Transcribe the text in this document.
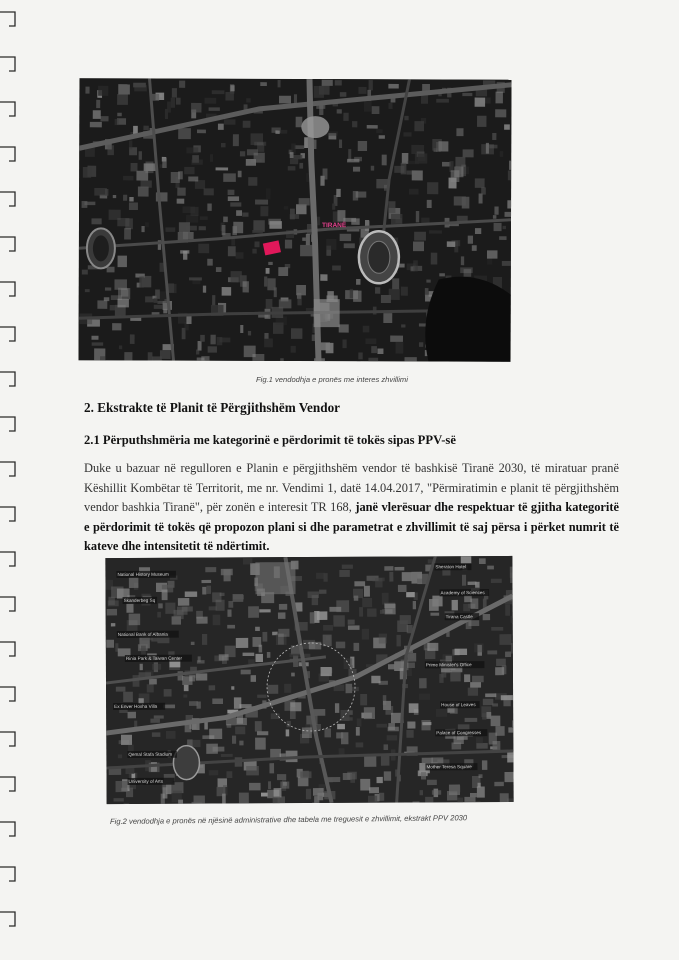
TIRANË
Fig.1 vendodhja e pronës me interes zhvillimi
2. Ekstrakte të Planit të Përgjithshëm Vendor
2.1 Përputhshmëria me kategorinë e përdorimit të tokës sipas PPV-së
Duke u bazuar në regulloren e Planin e përgjithshëm vendor të bashkisë Tiranë 2030, të miratuar pranë Këshillit Kombëtar të Territorit, me nr. Vendimi 1, datë 14.04.2017, "Përmiratimin e planit të përgjithshëm vendor bashkia Tiranë", për zonën e interesit TR 168, janë vlerësuar dhe respektuar të gjitha kategoritë e përdorimit të tokës që propozon plani si dhe parametrat e zhvillimit të saj përsa i përket numrit të kateve dhe intensitetit të ndërtimit.
National History Museum
Skanderbeg Sq
National Bank of Albania
Rinia Park & Taiwan Center
Ex Enver Hoxha Villa
Qemal Stafa Stadium
University of Arts
Sheraton Hotel
Academy of Sciences
Tirana Castle
Prime Minister's Office
House of Leaves
Palace of Congresses
Mother Teresa Square
Fig.2 vendodhja e pronës në njësinë administrative dhe tabela me treguesit e zhvillimit, ekstrakt PPV 2030
